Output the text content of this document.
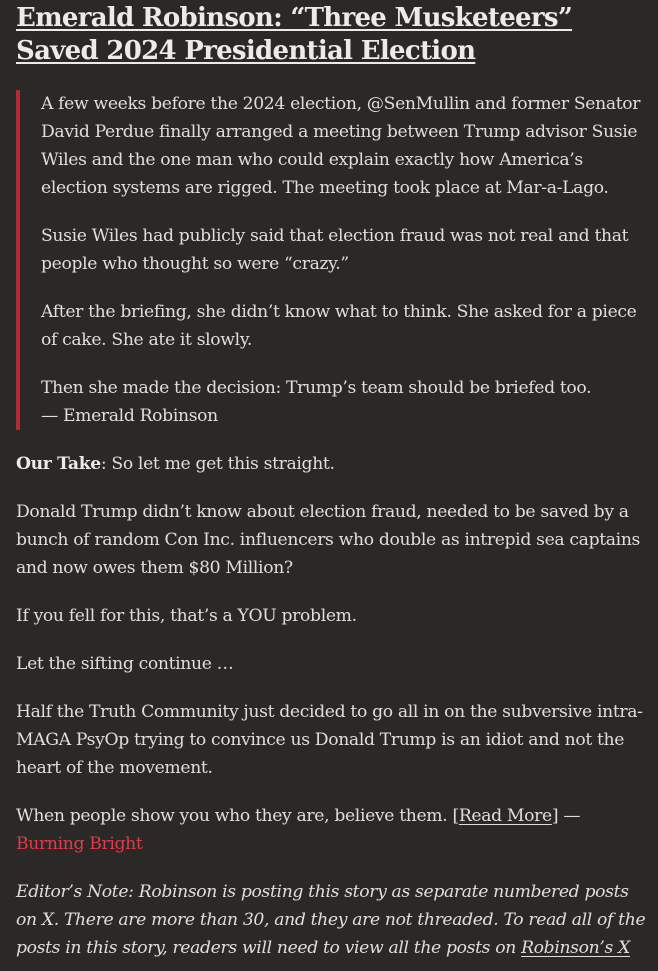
Emerald Robinson: “Three Musketeers” Saved 2024 Presidential Election

A few weeks before the 2024 election, @SenMullin and former Senator David Perdue finally arranged a meeting between Trump advisor Susie Wiles and the one man who could explain exactly how America’s election systems are rigged. The meeting took place at Mar-a-Lago.

Susie Wiles had publicly said that election fraud was not real and that people who thought so were “crazy.”

After the briefing, she didn’t know what to think. She asked for a piece of cake. She ate it slowly.

Then she made the decision: Trump’s team should be briefed too.
— Emerald Robinson

Our Take: So let me get this straight.

Donald Trump didn’t know about election fraud, needed to be saved by a bunch of random Con Inc. influencers who double as intrepid sea captains and now owes them $80 Million?

If you fell for this, that’s a YOU problem.

Let the sifting continue …

Half the Truth Community just decided to go all in on the subversive intra-MAGA PsyOp trying to convince us Donald Trump is an idiot and not the heart of the movement.

When people show you who they are, believe them. [Read More] — Burning Bright

Editor’s Note: Robinson is posting this story as separate numbered posts on X. There are more than 30, and they are not threaded. To read all of the posts in this story, readers will need to view all the posts on Robinson’s X
